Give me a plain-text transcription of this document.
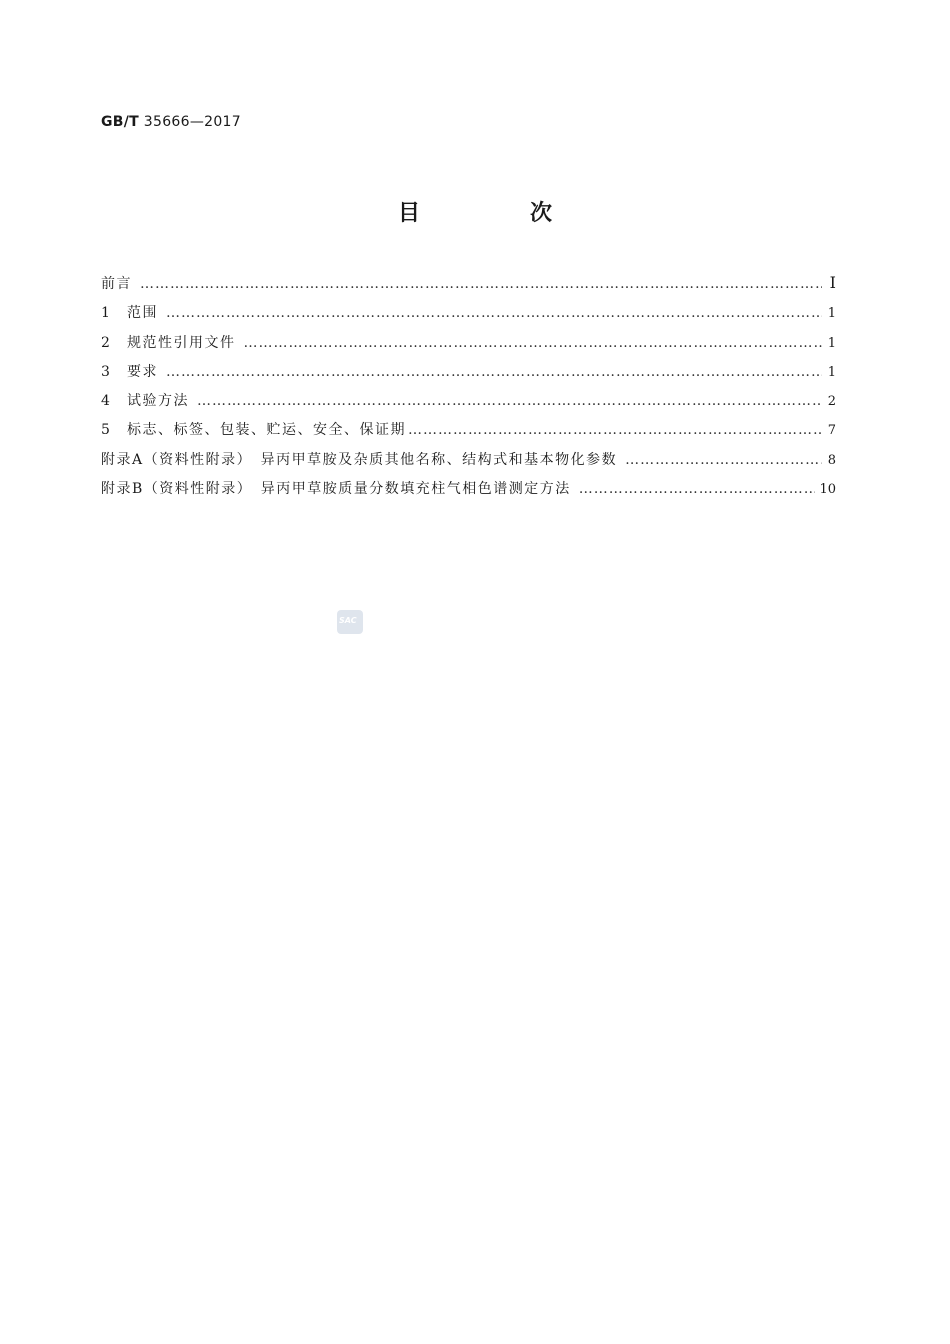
GB/T 35666—2017
目　次
前言 ……………………………………………………………………………………………………………………………………………………………………………………………………………………	Ⅰ
1	范围 ……………………………………………………………………………………………………………………………………………………………………………………………………………………	1
2	规范性引用文件 ……………………………………………………………………………………………………………………………………………………………………………………………………………………	1
3	要求 ……………………………………………………………………………………………………………………………………………………………………………………………………………………	1
4	试验方法 ……………………………………………………………………………………………………………………………………………………………………………………………………………………	2
5	标志、标签、包装、贮运、安全、保证期 ……………………………………………………………………………………………………………………………………………………………………………………………………………………	7
附录A（资料性附录）　异丙甲草胺及杂质其他名称、结构式和基本物化参数 ……………………………………………………………………………………………………………………………………………………………………………………………………………………	8
附录B（资料性附录）　异丙甲草胺质量分数填充柱气相色谱测定方法 ……………………………………………………………………………………………………………………………………………………………………………………………………………………	10
SAC
